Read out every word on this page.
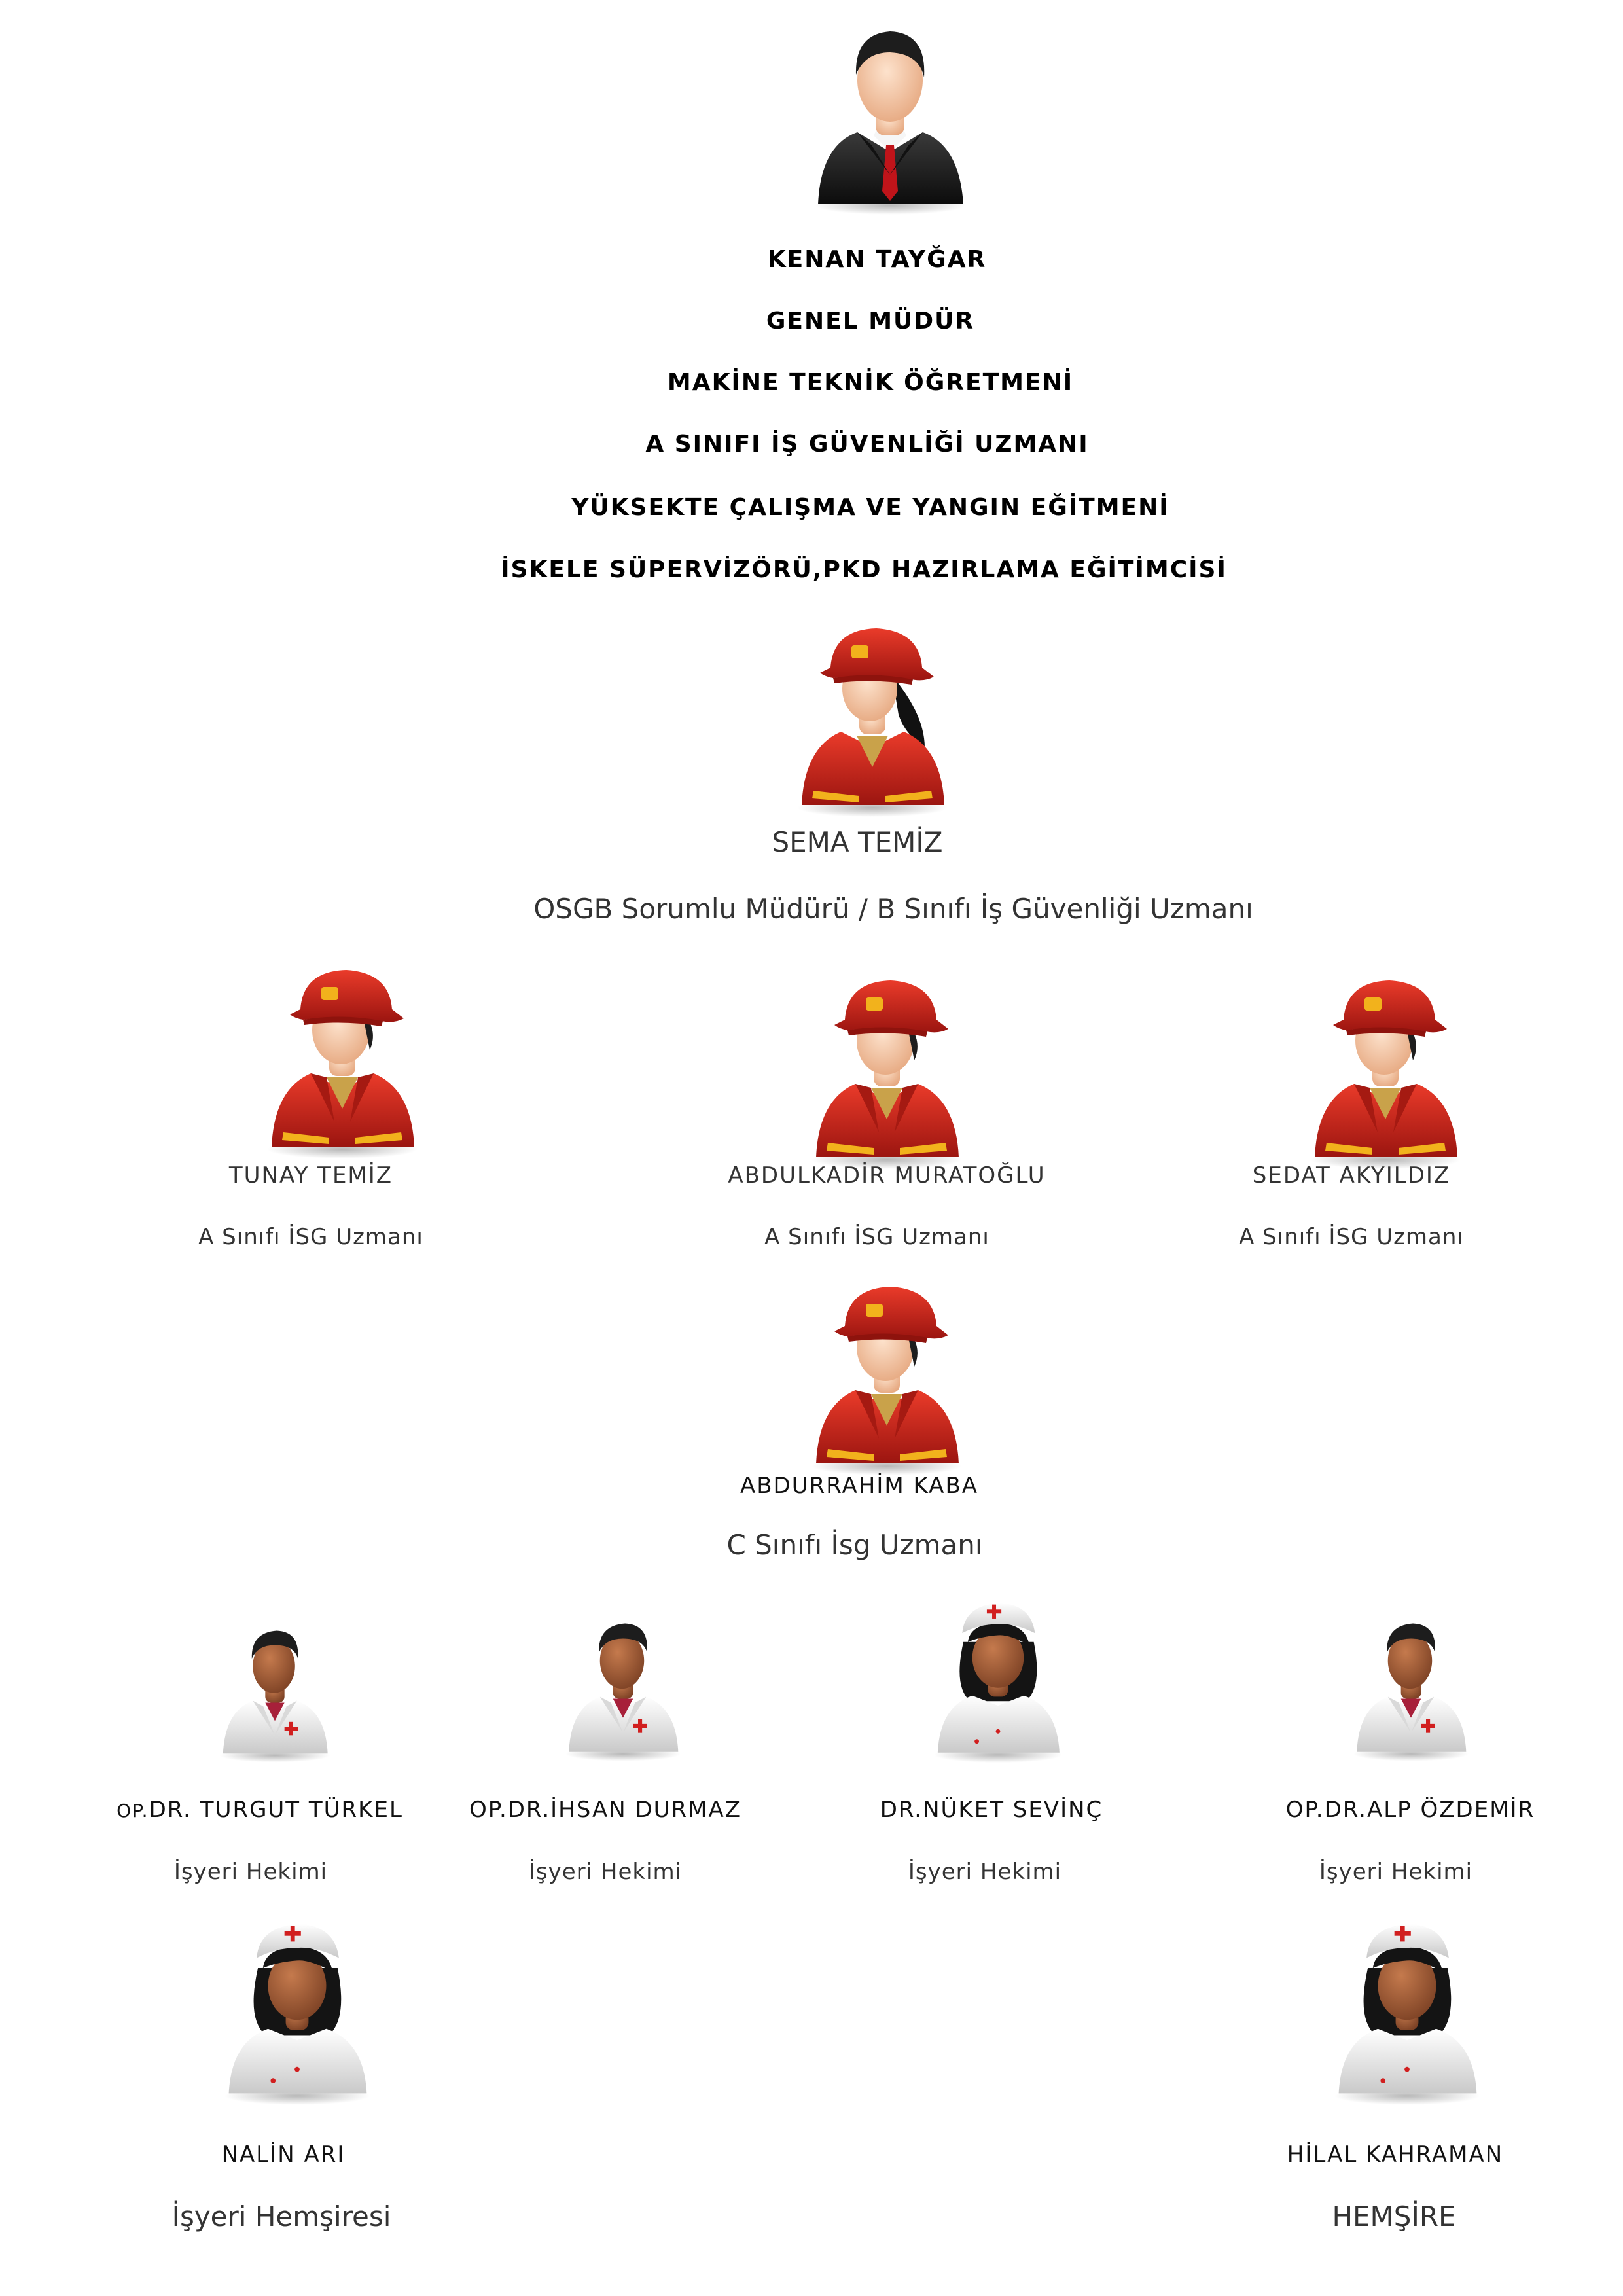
KENAN TAYĞAR
GENEL MÜDÜR
MAKİNE TEKNİK ÖĞRETMENİ
A SINIFI İŞ GÜVENLİĞİ UZMANI
YÜKSEKTE ÇALIŞMA VE YANGIN EĞİTMENİ
İSKELE SÜPERVİZÖRÜ,PKD HAZIRLAMA EĞİTİMCİSİ
SEMA TEMİZ
OSGB Sorumlu Müdürü / B Sınıfı İş Güvenliği Uzmanı
TUNAY TEMİZ
A Sınıfı İSG Uzmanı
ABDULKADİR MURATOĞLU
A Sınıfı İSG Uzmanı
SEDAT AKYILDIZ
A Sınıfı İSG Uzmanı
ABDURRAHİM KABA
C Sınıfı İsg Uzmanı
OP.DR. TURGUT TÜRKEL
İşyeri Hekimi
OP.DR.İHSAN DURMAZ
İşyeri Hekimi
DR.NÜKET SEVİNÇ
İşyeri Hekimi
OP.DR.ALP ÖZDEMİR
İşyeri Hekimi
NALİN ARI
İşyeri Hemşiresi
HİLAL KAHRAMAN
HEMŞİRE
